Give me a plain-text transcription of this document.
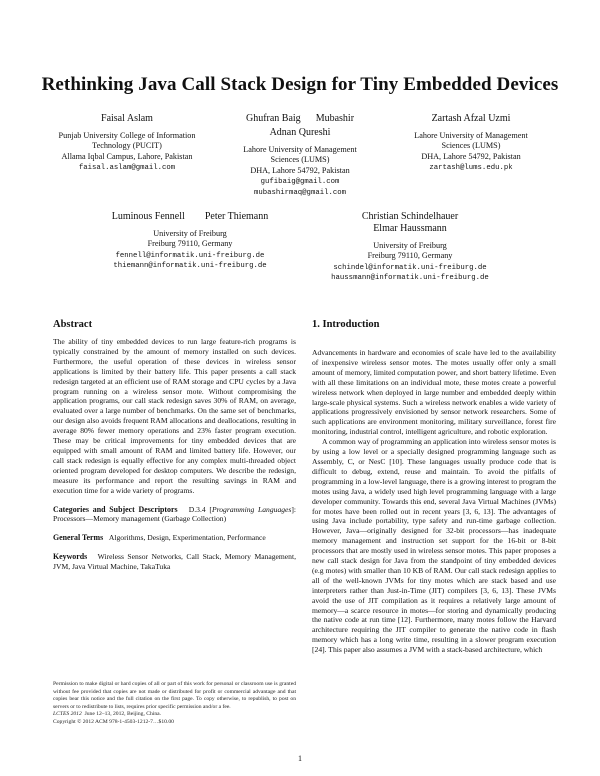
Rethinking Java Call Stack Design for Tiny Embedded Devices
Faisal Aslam
Punjab University College of Information
Technology (PUCIT)
Allama Iqbal Campus, Lahore, Pakistan
faisal.aslam@gmail.com
Ghufran Baig Mubashir
Adnan Qureshi
Lahore University of Management
Sciences (LUMS)
DHA, Lahore 54792, Pakistan
gufibaig@gmail.com
mubashirmaq@gmail.com
Zartash Afzal Uzmi
Lahore University of Management
Sciences (LUMS)
DHA, Lahore 54792, Pakistan
zartash@lums.edu.pk
Luminous Fennell Peter Thiemann
University of Freiburg
Freiburg 79110, Germany
fennell@informatik.uni-freiburg.de
thiemann@informatik.uni-freiburg.de
Christian SchindelhauerElmar Haussmann
University of Freiburg
Freiburg 79110, Germany
schindel@informatik.uni-freiburg.de
haussmann@informatik.uni-freiburg.de
Abstract

The ability of tiny embedded devices to run large feature-rich programs is typically constrained by the amount of memory installed on such devices. Furthermore, the useful operation of these devices in wireless sensor applications is limited by their battery life. This paper presents a call stack redesign targeted at an efficient use of RAM storage and CPU cycles by a Java program running on a wireless sensor mote. Without compromising the application programs, our call stack redesign saves 30% of RAM, on average, evaluated over a large number of benchmarks. On the same set of benchmarks, our design also avoids frequent RAM allocations and deallocations, resulting in average 80% fewer memory operations and 23% faster program execution. These may be critical improvements for tiny embedded devices that are equipped with small amount of RAM and limited battery life. However, our call stack redesign is equally effective for any complex multi-threaded object oriented program developed for desktop computers. We describe the redesign, measure its performance and report the resulting savings in RAM and execution time for a wide variety of programs.

Categories and Subject Descriptors D.3.4 [Programming Languages]: Processors—Memory management (Garbage Collection)

General Terms Algorithms, Design, Experimentation, Performance

Keywords Wireless Sensor Networks, Call Stack, Memory Management, JVM, Java Virtual Machine, TakaTuka

Permission to make digital or hard copies of all or part of this work for personal or classroom use is granted without fee provided that copies are not made or distributed for profit or commercial advantage and that copies bear this notice and the full citation on the first page. To copy otherwise, to republish, to post on servers or to redistribute to lists, requires prior specific permission and/or a fee.
LCTES 2012 June 12–13, 2012, Beijing, China.
Copyright © 2012 ACM 978-1-4503-1212-7…$10.00
1. Introduction

Advancements in hardware and economies of scale have led to the availability of inexpensive wireless sensor motes. The motes usually offer only a small amount of memory, limited computation power, and short battery lifetime. Even with all these limitations on an individual mote, these motes create a powerful wireless network when deployed in large number and embedded deeply within large-scale physical systems. Such a wireless network enables a wide variety of applications progressively envisioned by sensor network researchers. Some of such applications are environment monitoring, military surveillance, forest fire monitoring, industrial control, intelligent agriculture, and robotic exploration.

A common way of programming an application into wireless sensor motes is by using a low level or a specially designed programming language such as Assembly, C, or NesC [10]. These languages usually produce code that is difficult to debug, extend, reuse and maintain. To avoid the pitfalls of programming in a low-level language, there is a growing interest to program the motes using Java, a widely used high level programming language with a large developer community. Towards this end, several Java Virtual Machines (JVMs) for motes have been rolled out in recent years [3, 6, 13]. The advantages of using Java include portability, type safety and run-time garbage collection. However, Java—originally designed for 32-bit processors—has inadequate memory management and instruction set support for the 16-bit or 8-bit processors that are mostly used in wireless sensor motes. This paper proposes a new call stack design for Java from the standpoint of tiny embedded devices (e.g motes) with smaller than 10 KB of RAM. Our call stack redesign applies to all of the well-known JVMs for tiny motes which are stack based and use interpreters rather than Just-in-Time (JIT) compilers [3, 6, 13]. These JVMs avoid the use of JIT compilation as it requires a relatively large amount of memory—a scarce resource in motes—for storing and dynamically producing the native code at run time [12]. Furthermore, many motes follow the Harvard architecture requiring the JIT compiler to generate the native code in flash memory which has a long write time, resulting in a slower program execution [24]. This paper also assumes a JVM with a stack-based architecture, which

1
